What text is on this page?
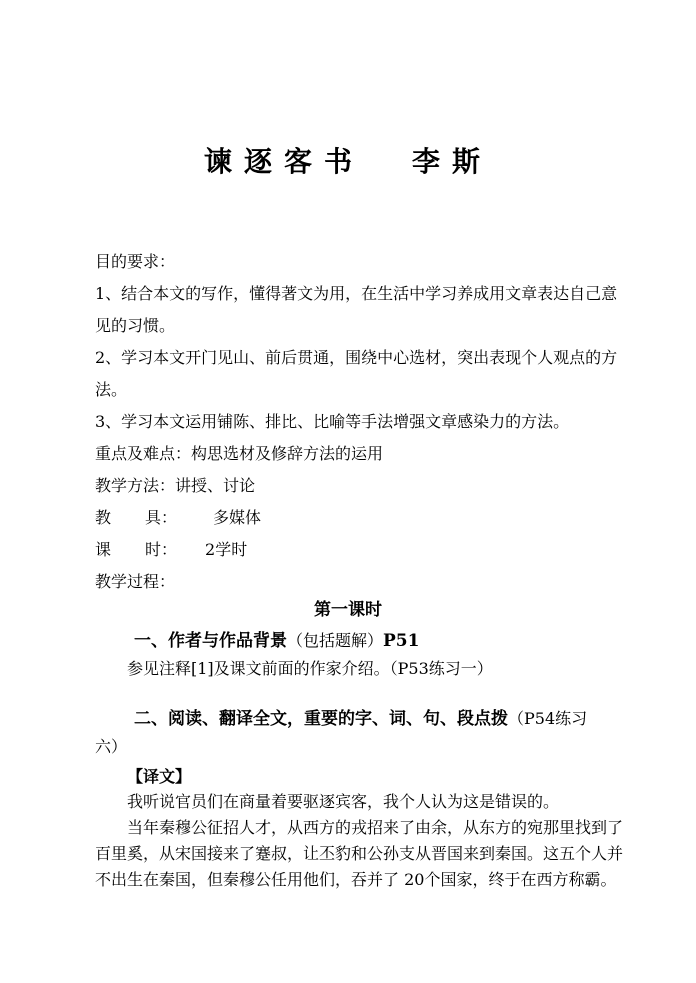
谏逐客书 李斯
目的要求：
1、结合本文的写作，懂得著文为用，在生活中学习养成用文章表达自己意
见的习惯。
2、学习本文开门见山、前后贯通，围绕中心选材，突出表现个人观点的方
法。
3、学习本文运用铺陈、排比、比喻等手法增强文章感染力的方法。
重点及难点：构思选材及修辞方法的运用
教学方法：讲授、讨论
教 具： 多媒体
课 时： 2学时
教学过程：
第一课时
一、作者与作品背景（包括题解）P51
参见注释[1]及课文前面的作家介绍。（P53练习一）
二、阅读、翻译全文，重要的字、词、句、段点拨（P54练习
六）
【译文】
我听说官员们在商量着要驱逐宾客，我个人认为这是错误的。
当年秦穆公征招人才，从西方的戎招来了由余，从东方的宛那里找到了
百里奚，从宋国接来了蹇叔，让丕豹和公孙支从晋国来到秦国。这五个人并
不出生在秦国，但秦穆公任用他们，吞并了 20个国家，终于在西方称霸。
